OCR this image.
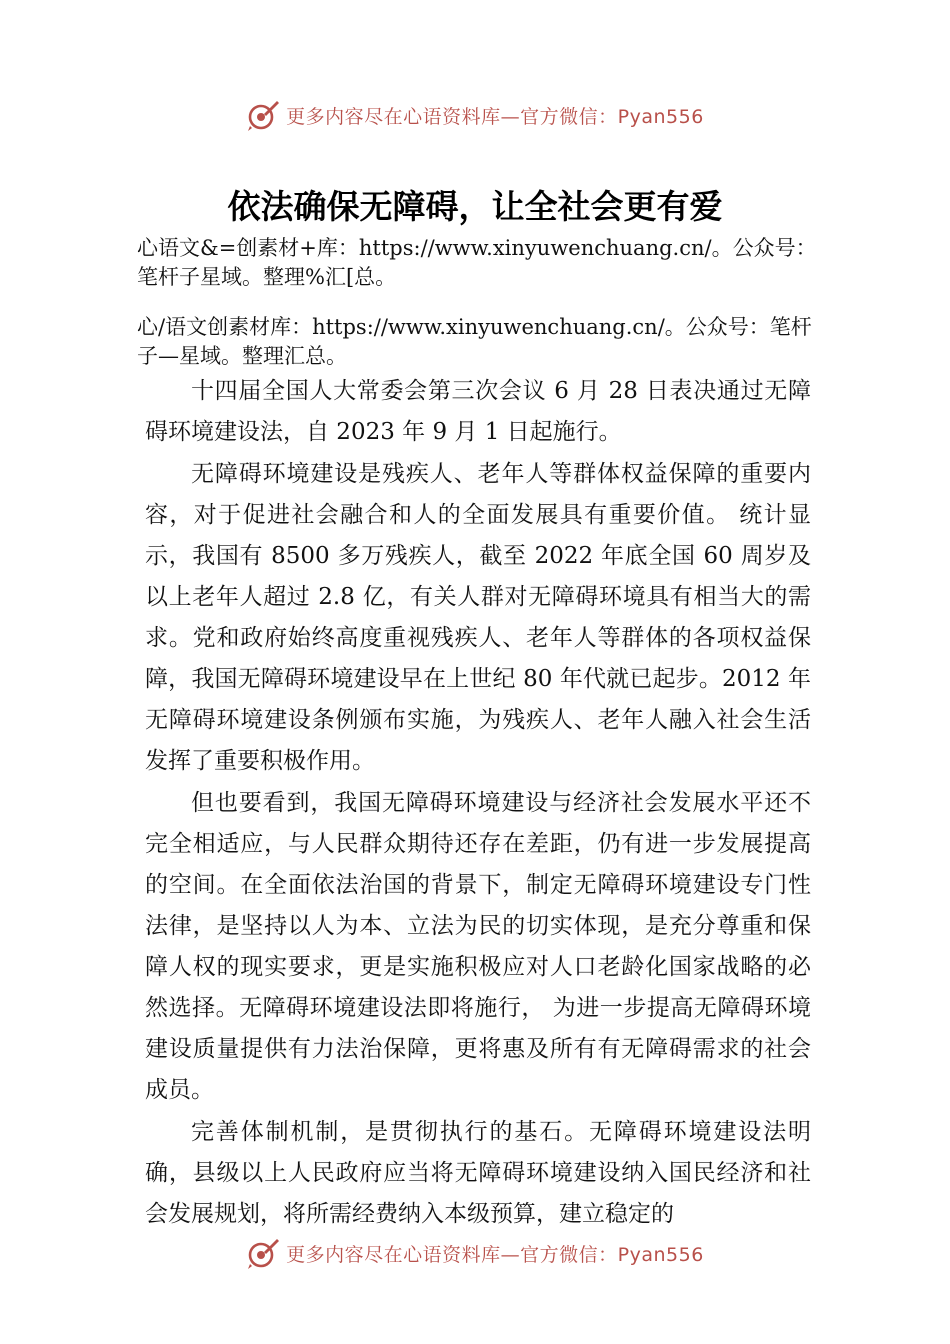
更多内容尽在心语资料库—官方微信：Pyan556
依法确保无障碍，让全社会更有爱

心语文&=创素材+库：https://www.xinyuwenchuang.cn/。公众号：笔杆子星域。整理%汇[总。

心/语文创素材库：https://www.xinyuwenchuang.cn/。公众号：笔杆子—星域。整理汇总。

十四届全国人大常委会第三次会议 6 月 28 日表决通过无障碍环境建设法，自 2023 年 9 月 1 日起施行。

无障碍环境建设是残疾人、老年人等群体权益保障的重要内容，对于促进社会融合和人的全面发展具有重要价值。 统计显示，我国有 8500 多万残疾人，截至 2022 年底全国 60 周岁及以上老年人超过 2.8 亿，有关人群对无障碍环境具有相当大的需求。党和政府始终高度重视残疾人、老年人等群体的各项权益保障，我国无障碍环境建设早在上世纪 80 年代就已起步。2012 年无障碍环境建设条例颁布实施，为残疾人、老年人融入社会生活发挥了重要积极作用。

但也要看到，我国无障碍环境建设与经济社会发展水平还不完全相适应，与人民群众期待还存在差距，仍有进一步发展提高的空间。在全面依法治国的背景下，制定无障碍环境建设专门性法律，是坚持以人为本、立法为民的切实体现，是充分尊重和保障人权的现实要求，更是实施积极应对人口老龄化国家战略的必然选择。无障碍环境建设法即将施行， 为进一步提高无障碍环境建设质量提供有力法治保障，更将惠及所有有无障碍需求的社会成员。

完善体制机制，是贯彻执行的基石。无障碍环境建设法明确，县级以上人民政府应当将无障碍环境建设纳入国民经济和社会发展规划，将所需经费纳入本级预算，建立稳定的

更多内容尽在心语资料库—官方微信：Pyan556
